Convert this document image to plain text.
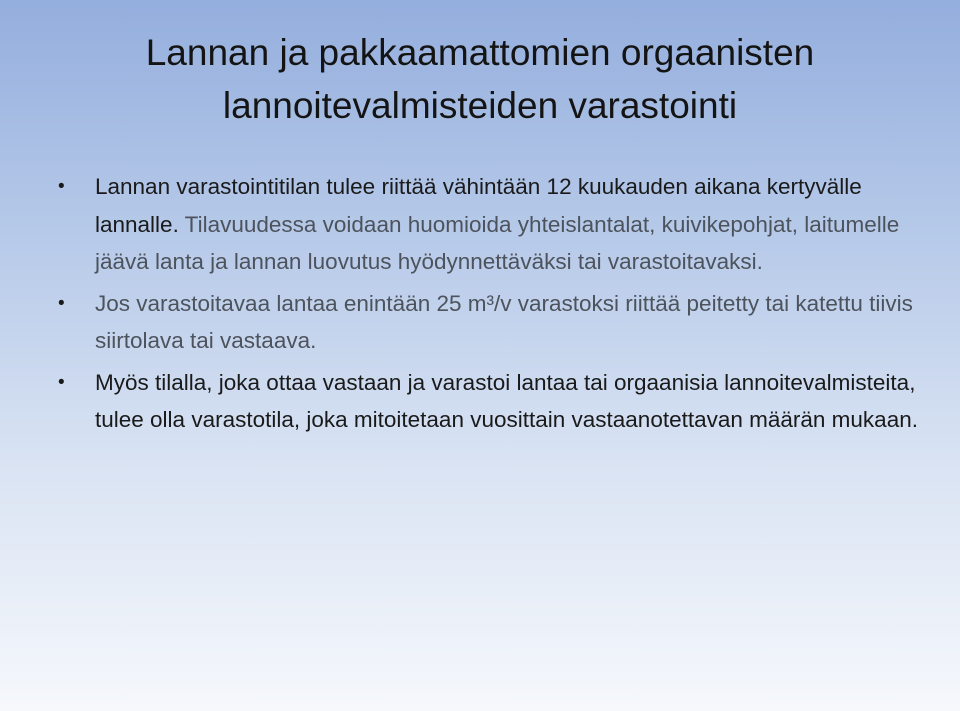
Lannan ja pakkaamattomien orgaanisten
lannoitevalmisteiden varastointi
• Lannan varastointitilan tulee riittää vähintään 12 kuukauden aikana kertyvälle lannalle. Tilavuudessa voidaan huomioida yhteislantalat, kuivikepohjat, laitumelle jäävä lanta ja lannan luovutus hyödynnettäväksi tai varastoitavaksi.
• Jos varastoitavaa lantaa enintään 25 m³/v varastoksi riittää peitetty tai katettu tiivis siirtolava tai vastaava.
• Myös tilalla, joka ottaa vastaan ja varastoi lantaa tai orgaanisia lannoitevalmisteita, tulee olla varastotila, joka mitoitetaan vuosittain vastaanotettavan määrän mukaan.
